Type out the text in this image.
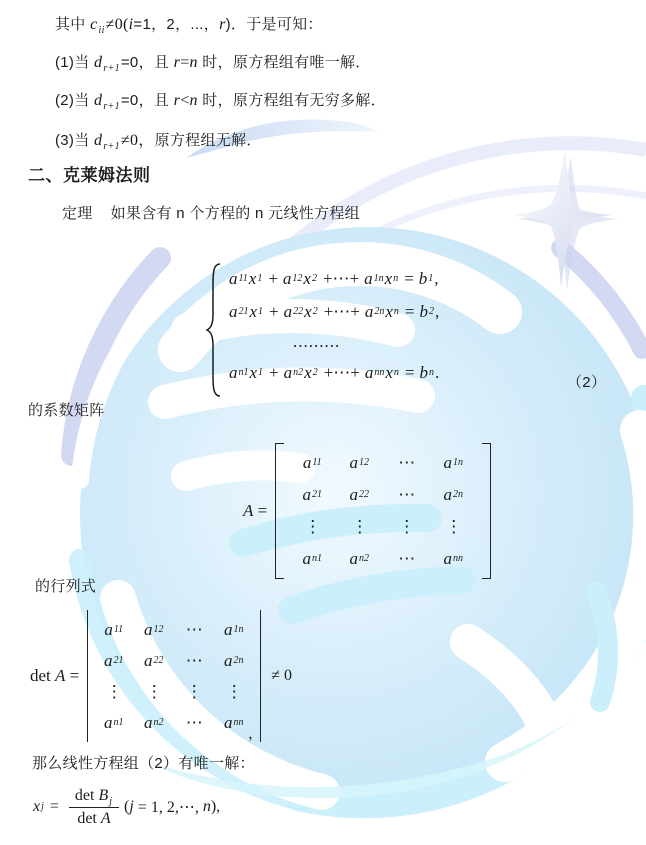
其中 $c_{ii}\ne 0(i=1$，2，...，r)．于是可知：
(1)当 $d_{r+1}=0$，且 r=n 时，原方程组有唯一解．
(2)当 $d_{r+1}=0$，且 r<n 时，原方程组有无穷多解．
(3)当 $d_{r+1}\ne 0$，原方程组无解．
二、克莱姆法则
定理 如果含有 n 个方程的 n 元线性方程组
a 11 x 1 + a 12 x 2 +⋯+ a 1n x n = b 1 ,
a 21 x 1 + a 22 x 2 +⋯+ a 2n x n = b 2 ,
.........
a n1 x 1 + a n2 x 2 +⋯+ a nn x n = b n .
（2）
的系数矩阵
A =
a 11 a 12 ⋯ a 1n
a 21 a 22 ⋯ a 2n
⋮ ⋮ ⋮ ⋮
a n1 a n2 ⋯ a nn
的行列式
det A =
a 11 a 12 ⋯ a 1n
a 21 a 22 ⋯ a 2n
⋮ ⋮ ⋮ ⋮
a n1 a n2 ⋯ a nn
≠ 0
，
那么线性方程组（2）有唯一解：
x $j = \frac{\det B_j}{\text{det A}}$ ( j = 1, 2,⋯, n ),
